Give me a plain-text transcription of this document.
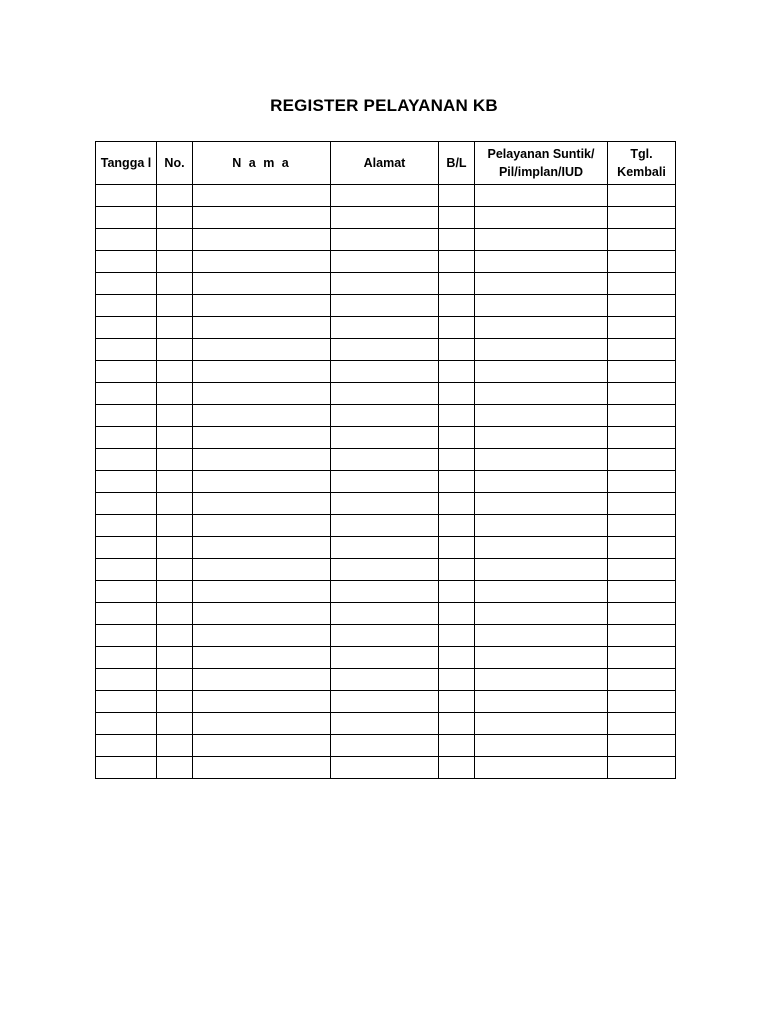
REGISTER PELAYANAN KB
Tangga l	No.	N a m a	Alamat	B/L	Pelayanan Suntik/ Pil/implan/IUD	Tgl. Kembali
